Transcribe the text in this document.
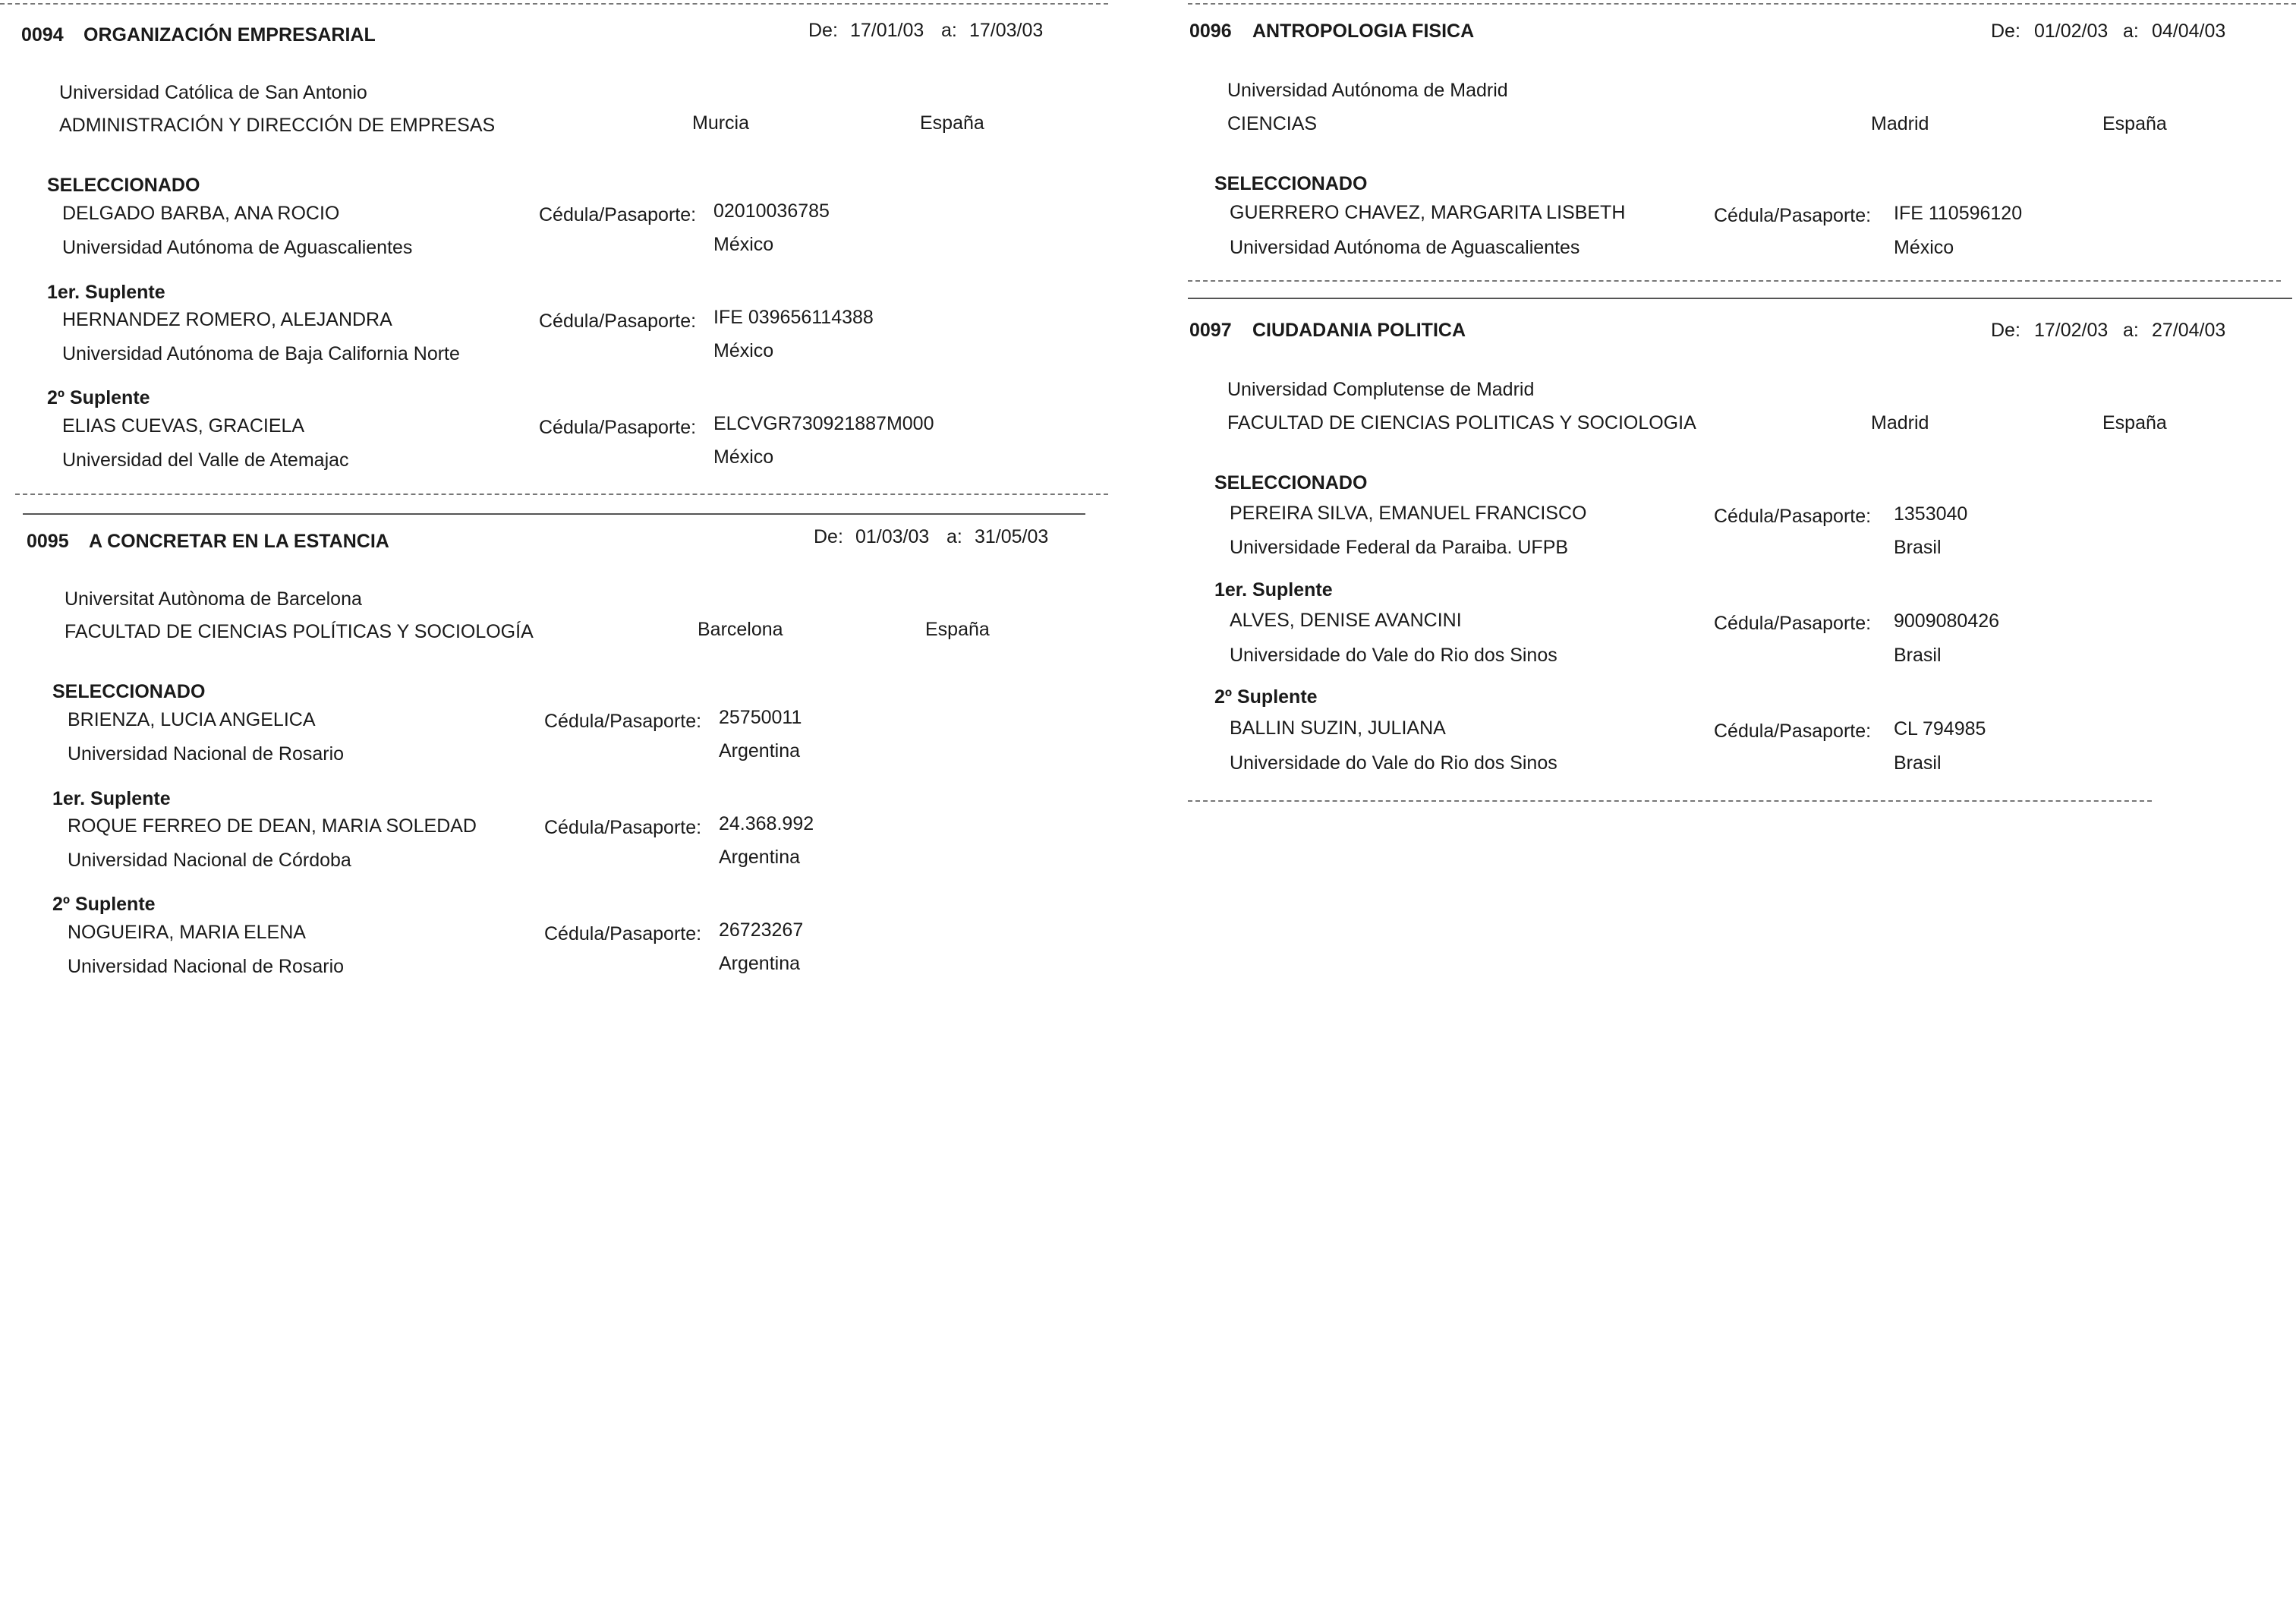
0094 ORGANIZACIÓN EMPRESARIAL	De: 17/01/03 a: 17/03/03
Universidad Católica de San Antonio
ADMINISTRACIÓN Y DIRECCIÓN DE EMPRESAS	Murcia	España
SELECCIONADO
DELGADO BARBA, ANA ROCIO	Cédula/Pasaporte: 02010036785
Universidad Autónoma de Aguascalientes	México
1er. Suplente
HERNANDEZ ROMERO, ALEJANDRA	Cédula/Pasaporte: IFE 039656114388
Universidad Autónoma de Baja California Norte	México
2º Suplente
ELIAS CUEVAS, GRACIELA	Cédula/Pasaporte: ELCVGR730921887M000
Universidad del Valle de Atemajac	México
0095 A CONCRETAR EN LA ESTANCIA	De: 01/03/03 a: 31/05/03
Universitat Autònoma de Barcelona
FACULTAD DE CIENCIAS POLÍTICAS Y SOCIOLOGÍA	Barcelona	España
SELECCIONADO
BRIENZA, LUCIA ANGELICA	Cédula/Pasaporte: 25750011
Universidad Nacional de Rosario	Argentina
1er. Suplente
ROQUE FERREO DE DEAN, MARIA SOLEDAD	Cédula/Pasaporte: 24.368.992
Universidad Nacional de Córdoba	Argentina
2º Suplente
NOGUEIRA, MARIA ELENA	Cédula/Pasaporte: 26723267
Universidad Nacional de Rosario	Argentina
0096 ANTROPOLOGIA FISICA	De: 01/02/03 a: 04/04/03
Universidad Autónoma de Madrid
CIENCIAS	Madrid	España
SELECCIONADO
GUERRERO CHAVEZ, MARGARITA LISBETH	Cédula/Pasaporte: IFE 110596120
Universidad Autónoma de Aguascalientes	México
0097 CIUDADANIA POLITICA	De: 17/02/03 a: 27/04/03
Universidad Complutense de Madrid
FACULTAD DE CIENCIAS POLITICAS Y SOCIOLOGIA	Madrid	España
SELECCIONADO
PEREIRA SILVA, EMANUEL FRANCISCO	Cédula/Pasaporte: 1353040
Universidade Federal da Paraiba. UFPB	Brasil
1er. Suplente
ALVES, DENISE AVANCINI	Cédula/Pasaporte: 9009080426
Universidade do Vale do Rio dos Sinos	Brasil
2º Suplente
BALLIN SUZIN, JULIANA	Cédula/Pasaporte: CL 794985
Universidade do Vale do Rio dos Sinos	Brasil
